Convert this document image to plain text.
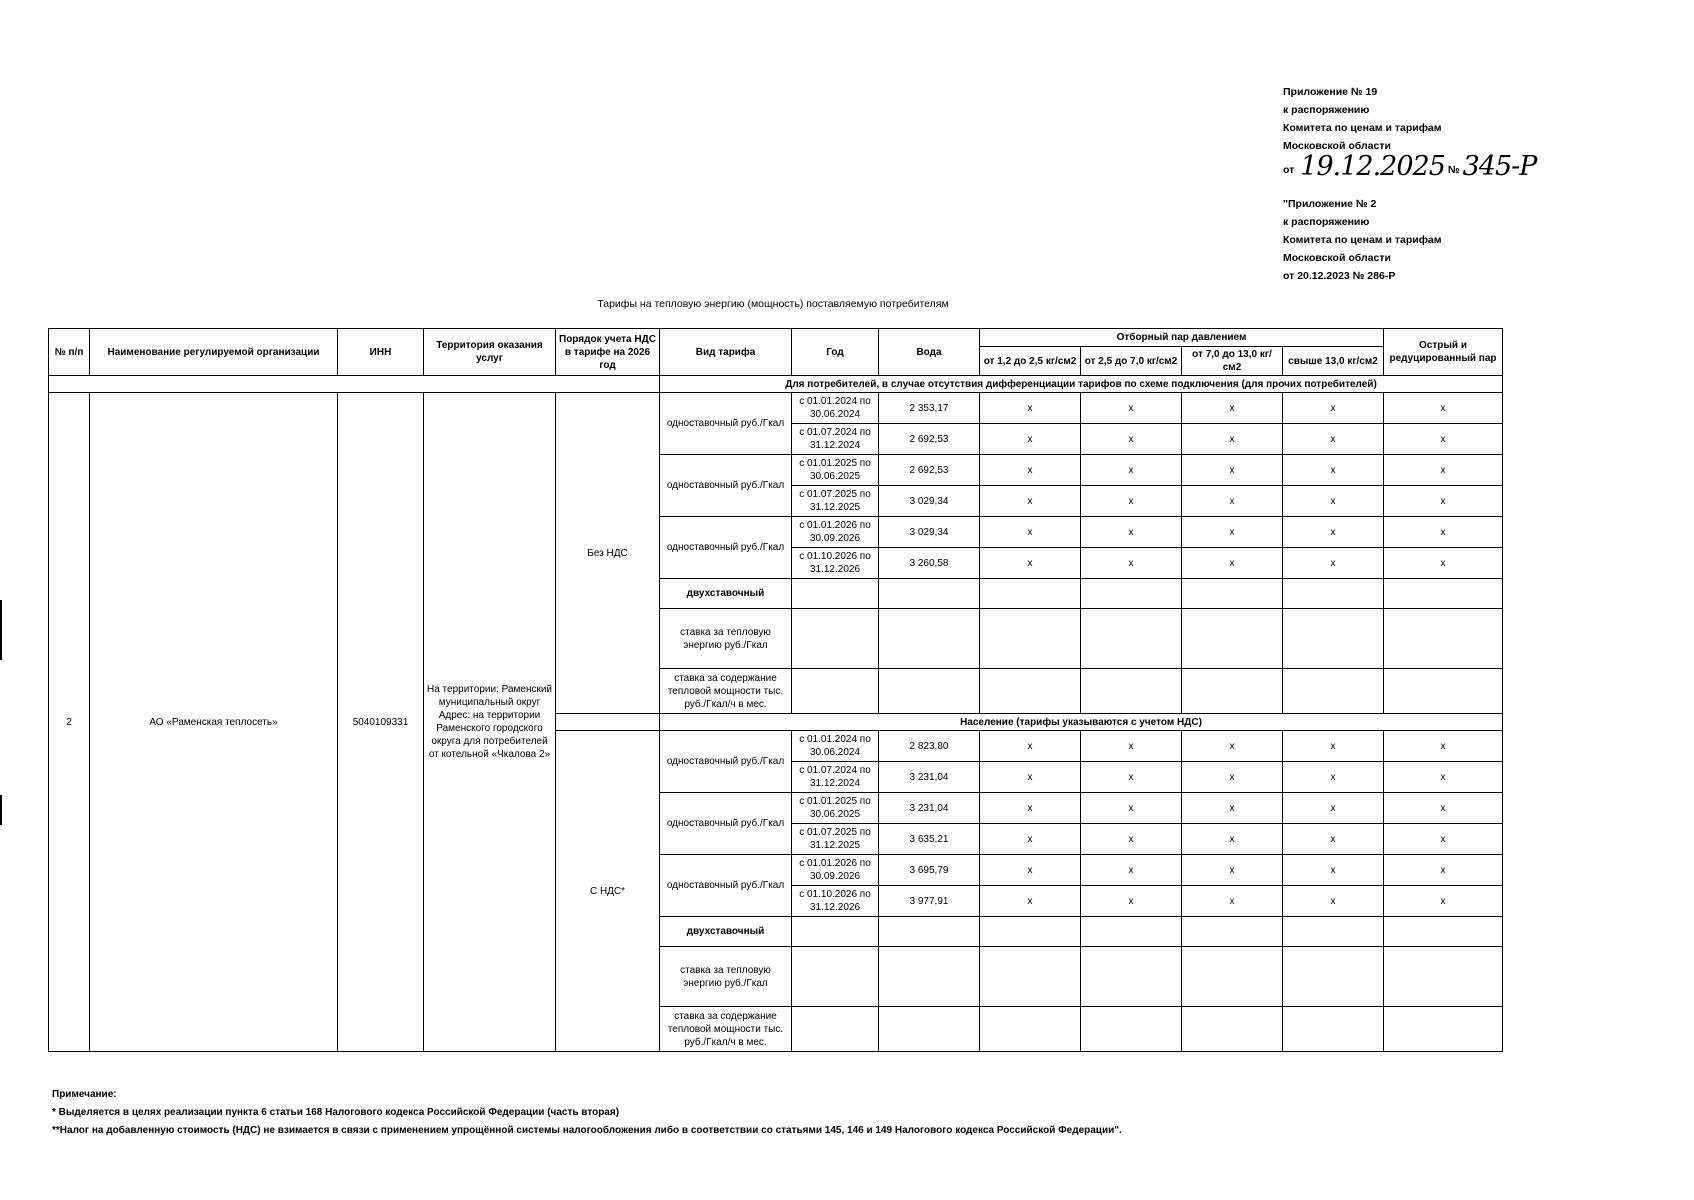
Приложение № 19
к распоряжению
Комитета по ценам и тарифам
Московской области
от 19.12.2025 № 345-Р
"Приложение № 2
к распоряжению
Комитета по ценам и тарифам
Московской области
от 20.12.2023 № 286-Р
Тарифы на тепловую энергию (мощность) поставляемую потребителям
№ п/п	Наименование регулируемой организации	ИНН	Территория оказания услуг	Порядок учета НДС в тарифе на 2026 год	Вид тарифа	Год	Вода	Отборный пар давлением				Острый и редуцированный пар
								от 1,2 до 2,5 кг/см2	от 2,5 до 7,0 кг/см2	от 7,0 до 13,0 кг/см2	свыше 13,0 кг/см2	
					Для потребителей, в случае отсутствия дифференциации тарифов по схеме подключения (для прочих потребителей)							
2	АО «Раменская теплосеть»	5040109331	На территории: Раменский муниципальный округ Адрес: на территории Раменского городского округа для потребителей от котельной «Чкалова 2»	Без НДС	одноставочный руб./Гкал	с 01.01.2024 по 30.06.2024	2 353,17	x	x	x	x	x
						с 01.07.2024 по 31.12.2024	2 692,53	x	x	x	x	x
					одноставочный руб./Гкал	с 01.01.2025 по 30.06.2025	2 692,53	x	x	x	x	x
						с 01.07.2025 по 31.12.2025	3 029,34	x	x	x	x	x
					одноставочный руб./Гкал	с 01.01.2026 по 30.09.2026	3 029,34	x	x	x	x	x
						с 01.10.2026 по 31.12.2026	3 260,58	x	x	x	x	x
					двухставочный							
					ставка за тепловую энергию руб./Гкал							
					ставка за содержание тепловой мощности тыс. руб./Гкал/ч в мес.							
					Население (тарифы указываются с учетом НДС)							
				С НДС*	одноставочный руб./Гкал	с 01.01.2024 по 30.06.2024	2 823,80	x	x	x	x	x
						с 01.07.2024 по 31.12.2024	3 231,04	x	x	x	x	x
					одноставочный руб./Гкал	с 01.01.2025 по 30.06.2025	3 231,04	x	x	x	x	x
						с 01.07.2025 по 31.12.2025	3 635,21	x	x	x	x	x
					одноставочный руб./Гкал	с 01.01.2026 по 30.09.2026	3 695,79	x	x	x	x	x
						с 01.10.2026 по 31.12.2026	3 977,91	x	x	x	x	x
					двухставочный							
					ставка за тепловую энергию руб./Гкал							
					ставка за содержание тепловой мощности тыс. руб./Гкал/ч в мес.							
Примечание:
* Выделяется в целях реализации пункта 6 статьи 168 Налогового кодекса Российской Федерации (часть вторая)
**Налог на добавленную стоимость (НДС) не взимается в связи с применением упрощённой системы налогообложения либо в соответствии со статьями 145, 146 и 149 Налогового кодекса Российской Федерации".
